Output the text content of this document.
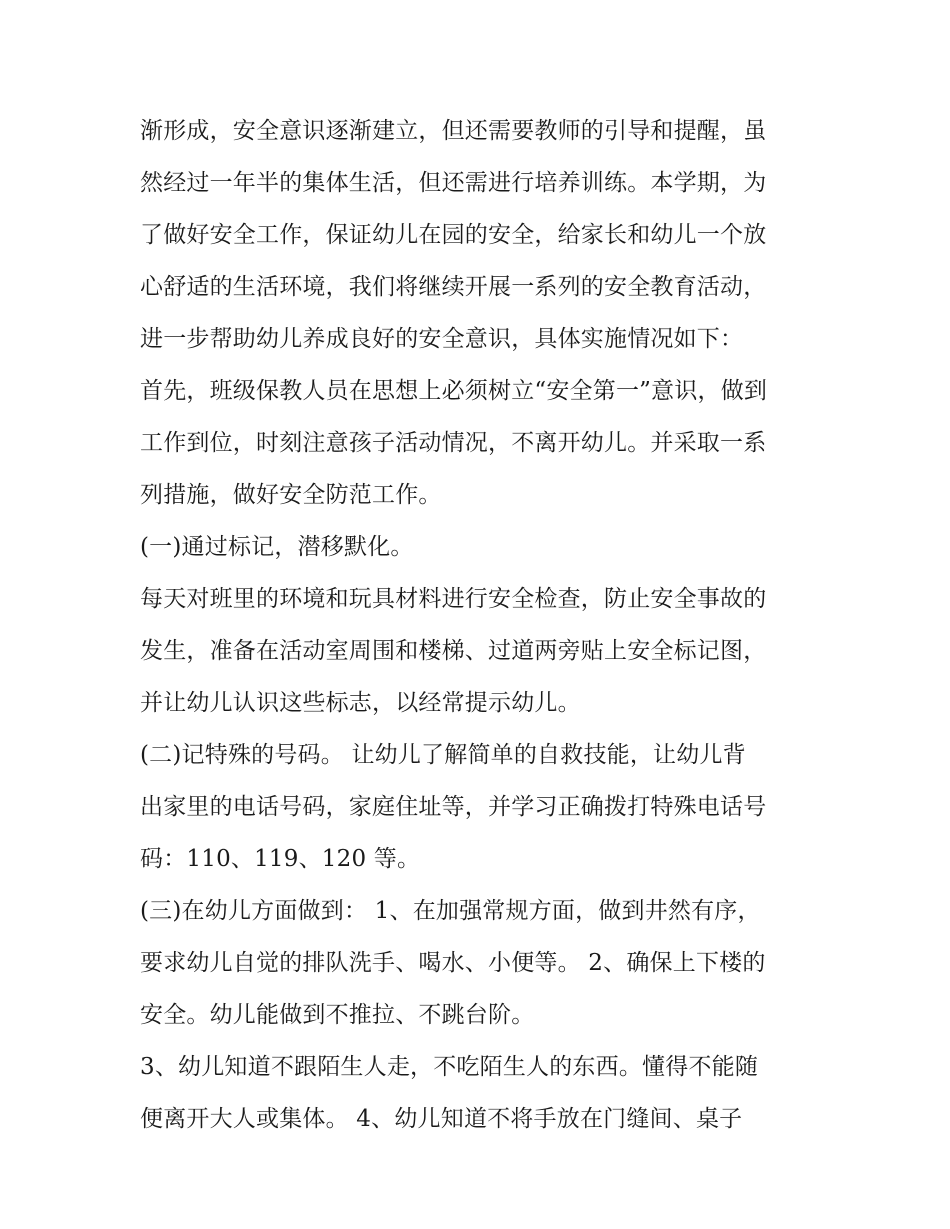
渐形成，安全意识逐渐建立，但还需要教师的引导和提醒，虽
然经过一年半的集体生活，但还需进行培养训练。本学期，为
了做好安全工作，保证幼儿在园的安全，给家长和幼儿一个放
心舒适的生活环境，我们将继续开展一系列的安全教育活动，
进一步帮助幼儿养成良好的安全意识，具体实施情况如下：
首先，班级保教人员在思想上必须树立“安全第一”意识，做到
工作到位，时刻注意孩子活动情况，不离开幼儿。并采取一系
列措施，做好安全防范工作。
(一)通过标记，潜移默化。
每天对班里的环境和玩具材料进行安全检查，防止安全事故的
发生，准备在活动室周围和楼梯、过道两旁贴上安全标记图，
并让幼儿认识这些标志，以经常提示幼儿。
(二)记特殊的号码。 让幼儿了解简单的自救技能，让幼儿背
出家里的电话号码，家庭住址等，并学习正确拨打特殊电话号
码：110、119、120 等。
(三)在幼儿方面做到： 1、在加强常规方面，做到井然有序，
要求幼儿自觉的排队洗手、喝水、小便等。 2、确保上下楼的
安全。幼儿能做到不推拉、不跳台阶。
3、幼儿知道不跟陌生人走，不吃陌生人的东西。懂得不能随
便离开大人或集体。 4、幼儿知道不将手放在门缝间、桌子
